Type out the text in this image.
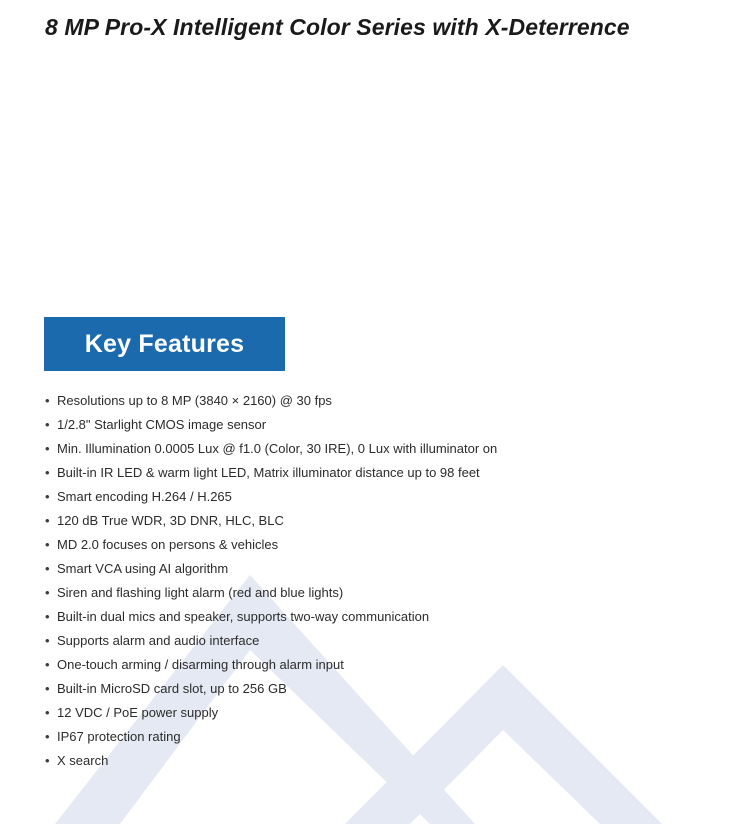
8 MP Pro-X Intelligent Color Series with X-Deterrence
Key Features
• Resolutions up to 8 MP (3840 × 2160) @ 30 fps
• 1/2.8" Starlight CMOS image sensor
• Min. Illumination 0.0005 Lux @ f1.0 (Color, 30 IRE), 0 Lux with illuminator on
• Built-in IR LED & warm light LED, Matrix illuminator distance up to 98 feet
• Smart encoding H.264 / H.265
• 120 dB True WDR, 3D DNR, HLC, BLC
• MD 2.0 focuses on persons & vehicles
• Smart VCA using AI algorithm
• Siren and flashing light alarm (red and blue lights)
• Built-in dual mics and speaker, supports two-way communication
• Supports alarm and audio interface
• One-touch arming / disarming through alarm input
• Built-in MicroSD card slot, up to 256 GB
• 12 VDC / PoE power supply
• IP67 protection rating
• X search
